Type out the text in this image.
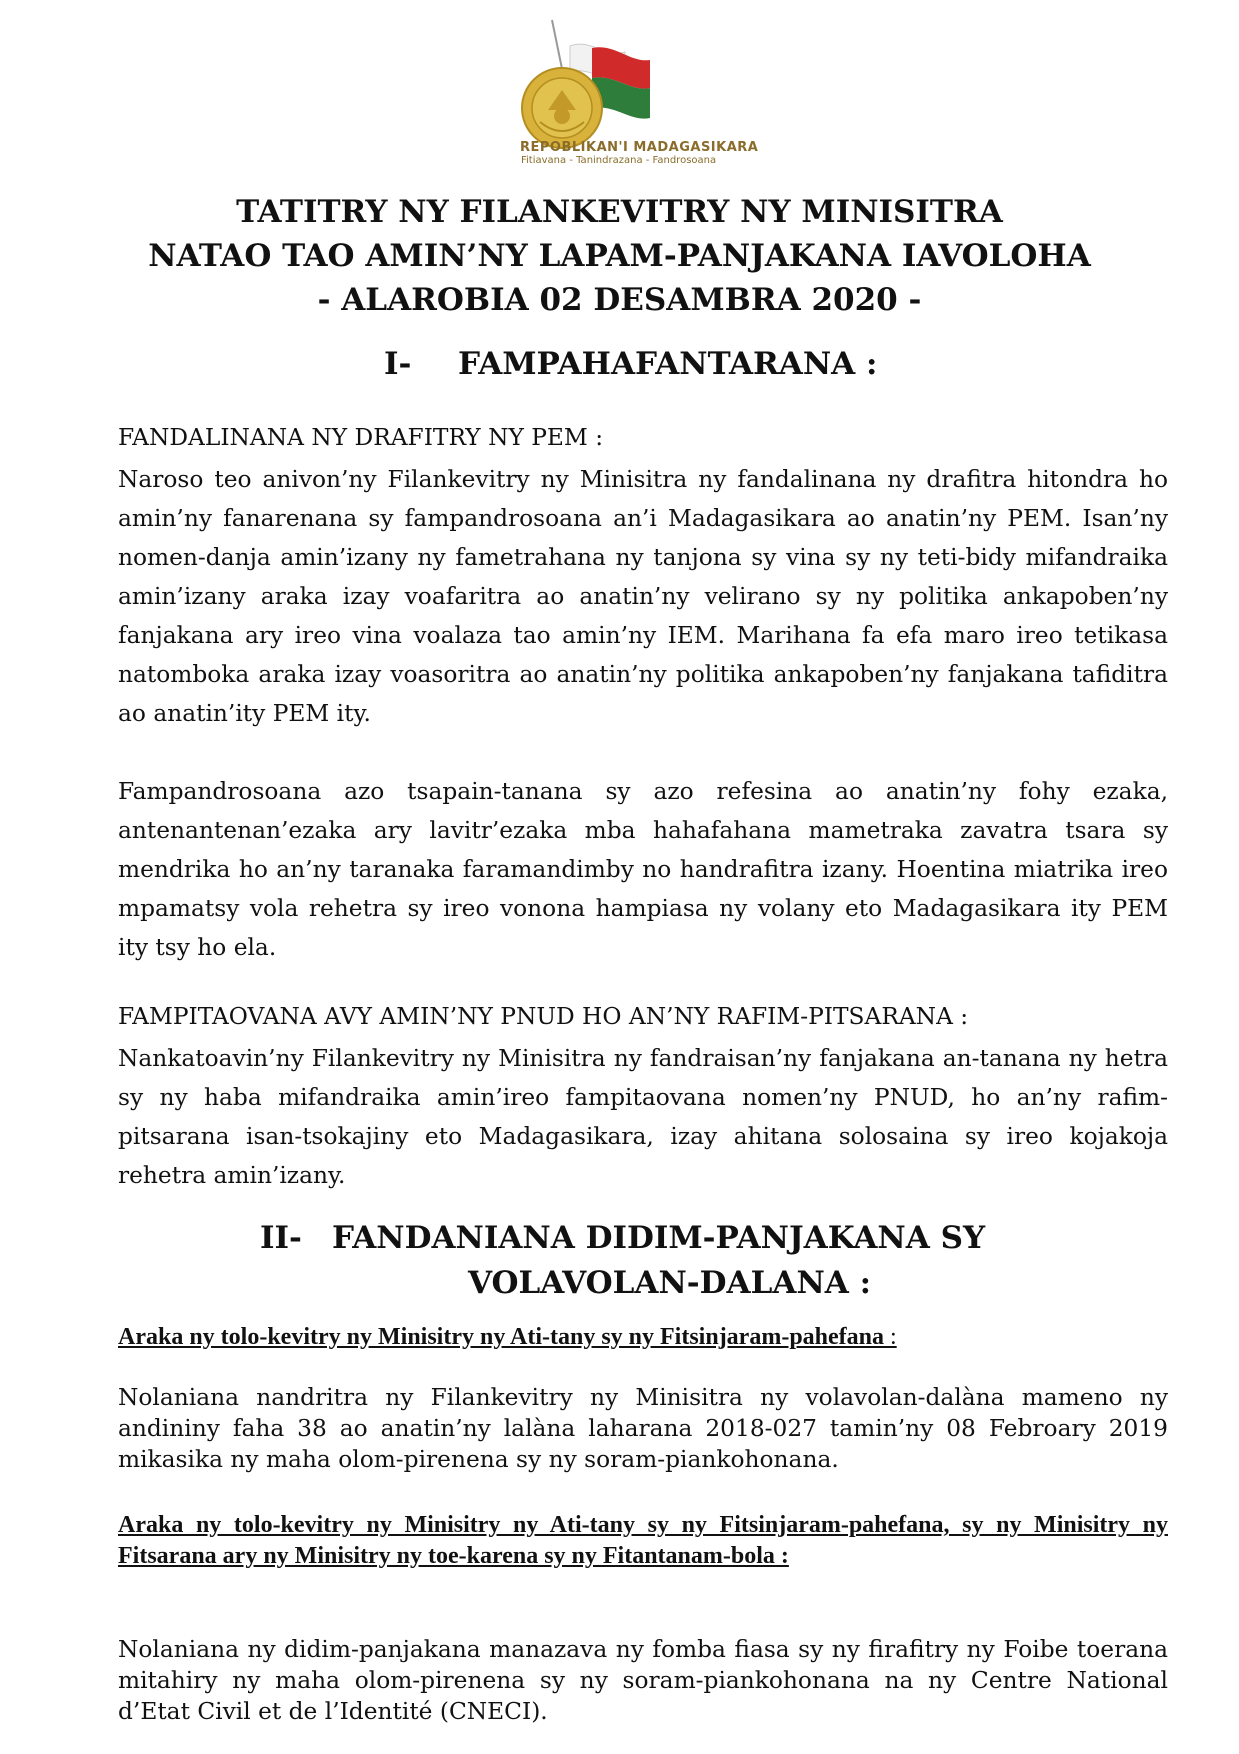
REPOBLIKAN'I MADAGASIKARA
Fitiavana - Tanindrazana - Fandrosoana
TATITRY NY FILANKEVITRY NY MINISITRA
NATAO TAO AMIN’NY LAPAM-PANJAKANA IAVOLOHA
- ALAROBIA 02 DESAMBRA 2020 -
I- FAMPAHAFANTARANA :
FANDALINANA NY DRAFITRY NY PEM :
Naroso teo anivon’ny Filankevitry ny Minisitra ny fandalinana ny drafitra hitondra ho amin’ny fanarenana sy fampandrosoana an’i Madagasikara ao anatin’ny PEM. Isan’ny nomen-danja amin’izany ny fametrahana ny tanjona sy vina sy ny teti-bidy mifandraika amin’izany araka izay voafaritra ao anatin’ny velirano sy ny politika ankapoben’ny fanjakana ary ireo vina voalaza tao amin’ny IEM. Marihana fa efa maro ireo tetikasa natomboka araka izay voasoritra ao anatin’ny politika ankapoben’ny fanjakana tafiditra ao anatin’ity PEM ity.
Fampandrosoana azo tsapain-tanana sy azo refesina ao anatin’ny fohy ezaka, antenantenan’ezaka ary lavitr’ezaka mba hahafahana mametraka zavatra tsara sy mendrika ho an’ny taranaka faramandimby no handrafitra izany. Hoentina miatrika ireo mpamatsy vola rehetra sy ireo vonona hampiasa ny volany eto Madagasikara ity PEM ity tsy ho ela.
FAMPITAOVANA AVY AMIN’NY PNUD HO AN’NY RAFIM-PITSARANA :
Nankatoavin’ny Filankevitry ny Minisitra ny fandraisan’ny fanjakana an-tanana ny hetra sy ny haba mifandraika amin’ireo fampitaovana nomen’ny PNUD, ho an’ny rafim-pitsarana isan-tsokajiny eto Madagasikara, izay ahitana solosaina sy ireo kojakoja rehetra amin’izany.
II- FANDANIANA DIDIM-PANJAKANA SY
VOLAVOLAN-DALANA :
Araka ny tolo-kevitry ny Minisitry ny Ati-tany sy ny Fitsinjaram-pahefana :
Nolaniana nandritra ny Filankevitry ny Minisitra ny volavolan-dalàna mameno ny andininy faha 38 ao anatin’ny lalàna laharana 2018-027 tamin’ny 08 Febroary 2019 mikasika ny maha olom-pirenena sy ny soram-piankohonana.
Araka ny tolo-kevitry ny Minisitry ny Ati-tany sy ny Fitsinjaram-pahefana, sy ny Minisitry ny Fitsarana ary ny Minisitry ny toe-karena sy ny Fitantanam-bola :
Nolaniana ny didim-panjakana manazava ny fomba fiasa sy ny firafitry ny Foibe toerana mitahiry ny maha olom-pirenena sy ny soram-piankohonana na ny Centre National d’Etat Civil et de l’Identité (CNECI).
